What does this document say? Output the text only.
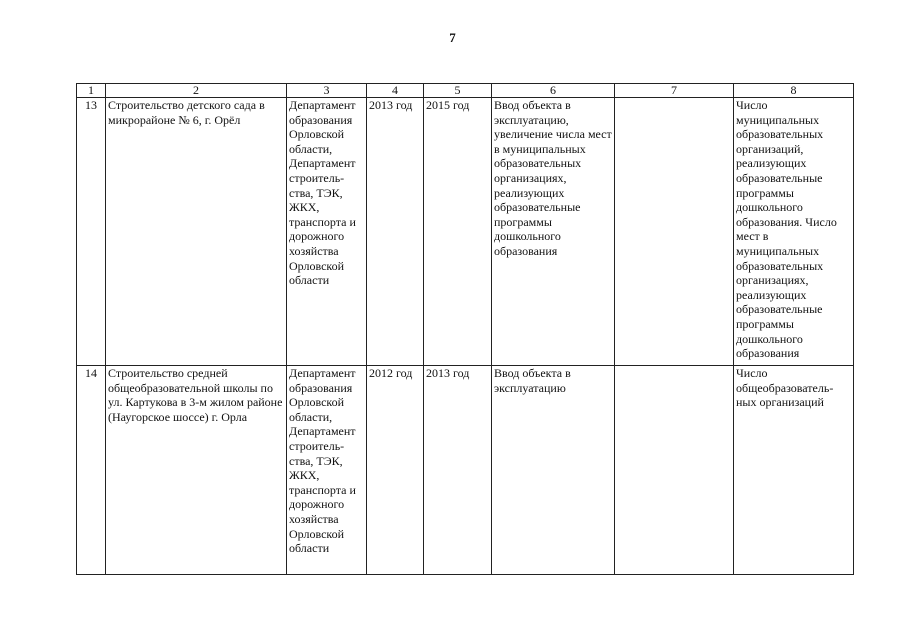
7
1	2	3	4	5	6	7	8
13	Строительство детского сада в микрорайоне № 6, г. Орёл	Департамент образования Орловской области, Департамент строитель-ства, ТЭК, ЖКХ, транспорта и дорожного хозяйства Орловской области	2013 год	2015 год	Ввод объекта в эксплуатацию, увеличение числа мест в муниципальных образовательных организациях, реализующих образовательные программы дошкольного образования		Число муниципальных образовательных организаций, реализующих образовательные программы дошкольного образования. Число мест в муниципальных образовательных организациях, реализующих образовательные программы дошкольного образования
14	Строительство средней общеобразовательной школы по ул. Картукова в 3-м жилом районе (Наугорское шоссе) г. Орла	Департамент образования Орловской области, Департамент строитель-ства, ТЭК, ЖКХ, транспорта и дорожного хозяйства Орловской области	2012 год	2013 год	Ввод объекта в эксплуатацию		Число общеобразователь-ных организаций
